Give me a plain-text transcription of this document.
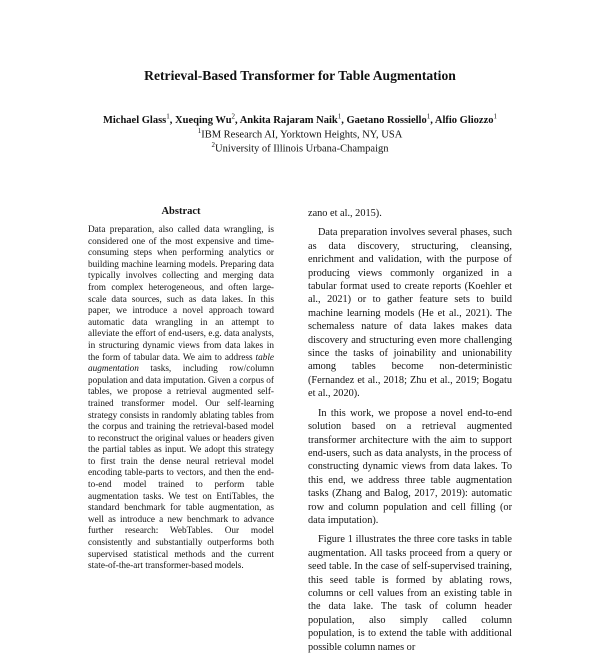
Retrieval-Based Transformer for Table Augmentation
Michael Glass$^1$, Xueqing Wu$^2$, Ankita Rajaram Naik$^1$, Gaetano Rossiello$^1$, Alfio Gliozzo$^1$
$^1$IBM Research AI, Yorktown Heights, NY, USA
$^2$University of Illinois Urbana-Champaign
Abstract

Data preparation, also called data wrangling, is considered one of the most expensive and time-consuming steps when performing analytics or building machine learning models. Preparing data typically involves collecting and merging data from complex heterogeneous, and often large-scale data sources, such as data lakes. In this paper, we introduce a novel approach toward automatic data wrangling in an attempt to alleviate the effort of end-users, e.g. data analysts, in structuring dynamic views from data lakes in the form of tabular data. We aim to address table augmentation tasks, including row/column population and data imputation. Given a corpus of tables, we propose a retrieval augmented self-trained transformer model. Our self-learning strategy consists in randomly ablating tables from the corpus and training the retrieval-based model to reconstruct the original values or headers given the partial tables as input. We adopt this strategy to first train the dense neural retrieval model encoding table-parts to vectors, and then the end-to-end model trained to perform table augmentation tasks. We test on EntiTables, the standard benchmark for table augmentation, as well as introduce a new benchmark to advance further research: WebTables. Our model consistently and substantially outperforms both supervised statistical methods and the current state-of-the-art transformer-based models.

zano et al., 2015).

Data preparation involves several phases, such as data discovery, structuring, cleansing, enrichment and validation, with the purpose of producing views commonly organized in a tabular format used to create reports (Koehler et al., 2021) or to gather feature sets to build machine learning models (He et al., 2021). The schemaless nature of data lakes makes data discovery and structuring even more challenging since the tasks of joinability and unionability among tables become non-deterministic (Fernandez et al., 2018; Zhu et al., 2019; Bogatu et al., 2020).

In this work, we propose a novel end-to-end solution based on a retrieval augmented transformer architecture with the aim to support end-users, such as data analysts, in the process of constructing dynamic views from data lakes. To this end, we address three table augmentation tasks (Zhang and Balog, 2017, 2019): automatic row and column population and cell filling (or data imputation).

Figure 1 illustrates the three core tasks in table augmentation. All tasks proceed from a query or seed table. In the case of self-supervised training, this seed table is formed by ablating rows, columns or cell values from an existing table in the data lake. The task of column header population, also simply called column population, is to extend the table with additional possible column names or
